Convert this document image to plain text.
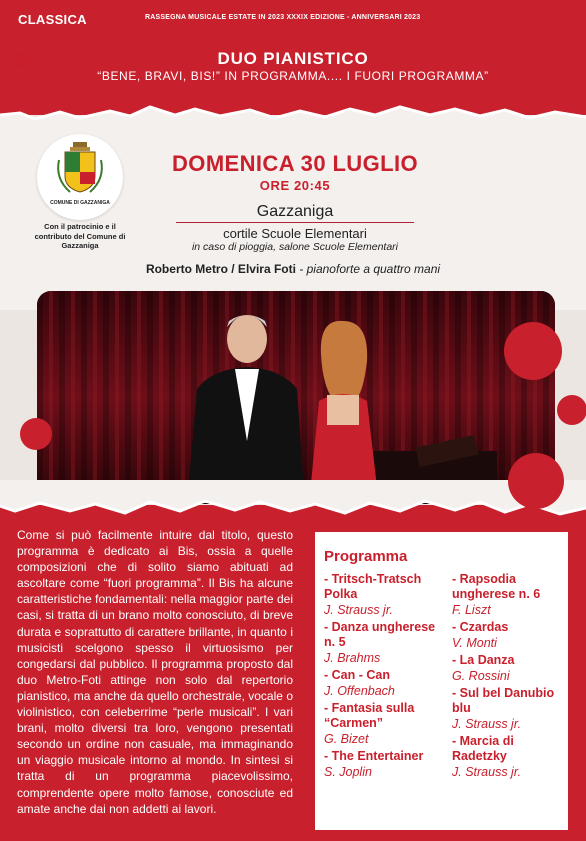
CLASSICA	RASSEGNA MUSICALE ESTATE IN 2023 XXXIX EDIZIONE - ANNIVERSARI 2023
DUO PIANISTICO
“BENE, BRAVI, BIS!” IN PROGRAMMA.... I FUORI PROGRAMMA”
COMUNE DI GAZZANIGA
Con il patrocinio e il contributo del Comune di Gazzaniga
DOMENICA 30 LUGLIO
ORE 20:45
Gazzaniga
cortile Scuole Elementari
in caso di pioggia, salone Scuole Elementari
Roberto Metro / Elvira Foti - pianoforte a quattro mani
Come si può facilmente intuire dal titolo, questo programma è dedicato ai Bis, ossia a quelle composizioni che di solito siamo abituati ad ascoltare come “fuori programma”. Il Bis ha alcune caratteristiche fondamentali: nella maggior parte dei casi, si tratta di un brano molto conosciuto, di breve durata e soprattutto di carattere brillante, in quanto i musicisti scelgono spesso il virtuosismo per congedarsi dal pubblico. Il programma proposto dal duo Metro-Foti attinge non solo dal repertorio pianistico, ma anche da quello orchestrale, vocale o violinistico, con celeberrime “perle musicali”. I vari brani, molto diversi tra loro, vengono presentati secondo un ordine non casuale, ma immaginando un viaggio musicale intorno al mondo. In sintesi si tratta di un programma piacevolissimo, comprendente opere molto famose, conosciute ed amate anche dai non addetti ai lavori.
Programma
- Tritsch-Tratsch Polka
J. Strauss jr.
- Danza ungherese n. 5
J. Brahms
- Can - Can
J. Offenbach
- Fantasia sulla “Carmen”
G. Bizet
- The Entertainer
S. Joplin
- Rapsodia ungherese n. 6
F. Liszt
- Czardas
V. Monti
- La Danza
G. Rossini
- Sul bel Danubio blu
J. Strauss jr.
- Marcia di Radetzky
J. Strauss jr.
